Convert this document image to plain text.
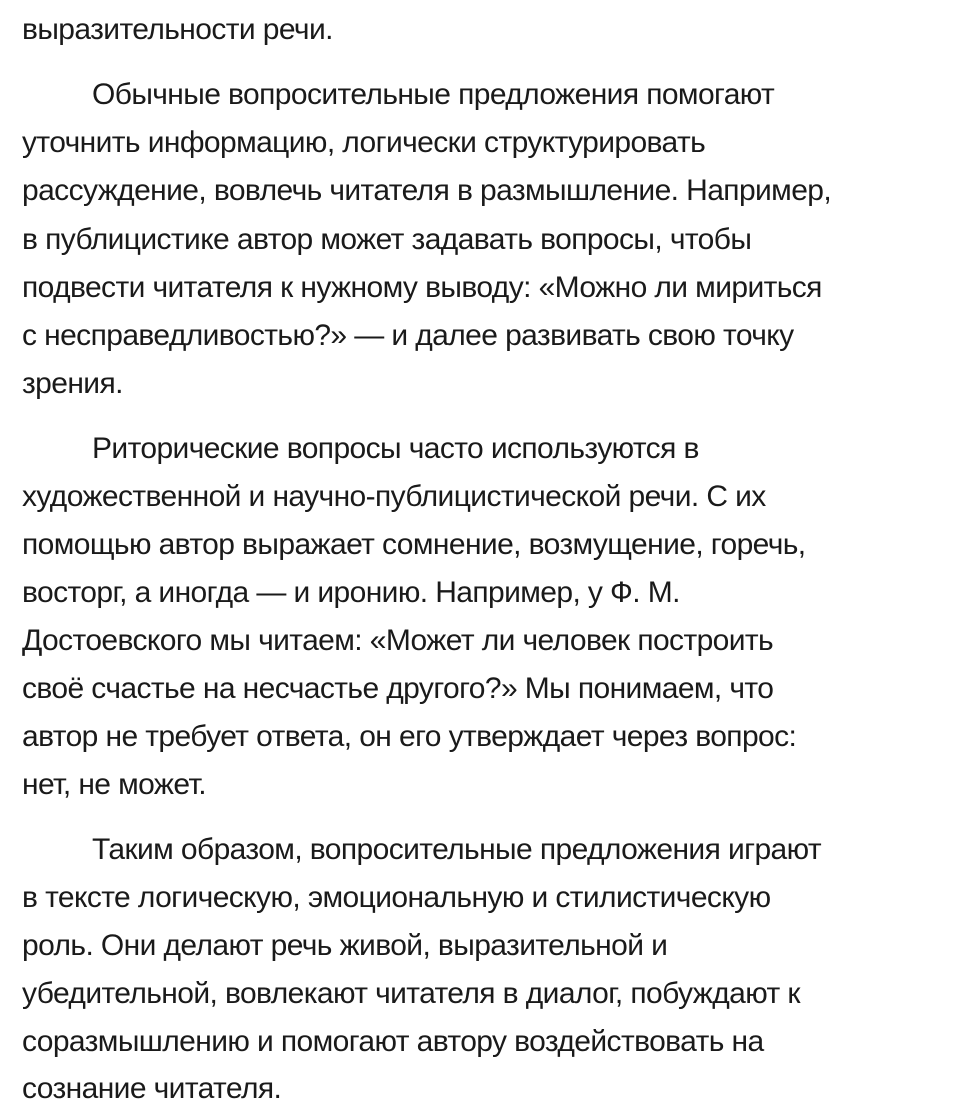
выразительности речи.
Обычные вопросительные предложения помогают
уточнить информацию, логически структурировать
рассуждение, вовлечь читателя в размышление. Например,
в публицистике автор может задавать вопросы, чтобы
подвести читателя к нужному выводу: «Можно ли мириться
с несправедливостью?» — и далее развивать свою точку
зрения.
Риторические вопросы часто используются в
художественной и научно-публицистической речи. С их
помощью автор выражает сомнение, возмущение, горечь,
восторг, а иногда — и иронию. Например, у Ф. М.
Достоевского мы читаем: «Может ли человек построить
своё счастье на несчастье другого?» Мы понимаем, что
автор не требует ответа, он его утверждает через вопрос:
нет, не может.
Таким образом, вопросительные предложения играют
в тексте логическую, эмоциональную и стилистическую
роль. Они делают речь живой, выразительной и
убедительной, вовлекают читателя в диалог, побуждают к
соразмышлению и помогают автору воздействовать на
сознание читателя.
